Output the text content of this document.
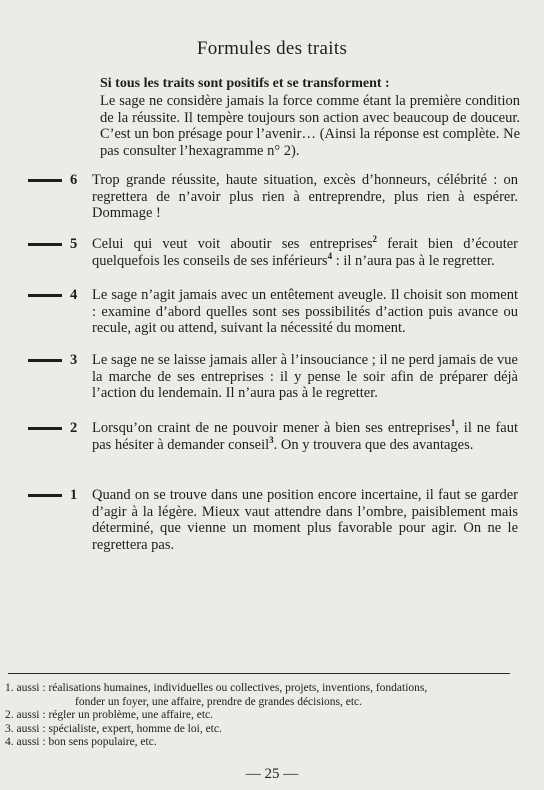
Formules des traits

Si tous les traits sont positifs et se transforment :

Le sage ne considère jamais la force comme étant la première condition de la réussite. Il tempère toujours son action avec beaucoup de douceur. C’est un bon présage pour l’avenir… (Ainsi la réponse est complète. Ne pas consulter l’hexagramme n° 2).

6 Trop grande réussite, haute situation, excès d’honneurs, célébrité : on regrettera de n’avoir plus rien à entreprendre, plus rien à espérer. Dommage !

5 Celui qui veut voit aboutir ses entreprises$^2$ ferait bien d’écouter quelquefois les conseils de ses inférieurs$^4$ : il n’aura pas à le regretter.

4 Le sage n’agit jamais avec un entêtement aveugle. Il choisit son moment : examine d’abord quelles sont ses possibilités d’action puis avance ou recule, agit ou attend, suivant la nécessité du moment.

3 Le sage ne se laisse jamais aller à l’insouciance ; il ne perd jamais de vue la marche de ses entreprises : il y pense le soir afin de préparer déjà l’action du lendemain. Il n’aura pas à le regretter.

2 Lorsqu’on craint de ne pouvoir mener à bien ses entreprises$^1$, il ne faut pas hésiter à demander conseil$^3$. On y trouvera que des avantages.

1 Quand on se trouve dans une position encore incertaine, il faut se garder d’agir à la légère. Mieux vaut attendre dans l’ombre, paisiblement mais déterminé, que vienne un moment plus favorable pour agir. On ne le regrettera pas.

1. aussi : réalisations humaines, individuelles ou collectives, projets, inventions, fondations,
fonder un foyer, une affaire, prendre de grandes décisions, etc.

2. aussi : régler un problème, une affaire, etc.

3. aussi : spécialiste, expert, homme de loi, etc.

4. aussi : bon sens populaire, etc.

— 25 —
